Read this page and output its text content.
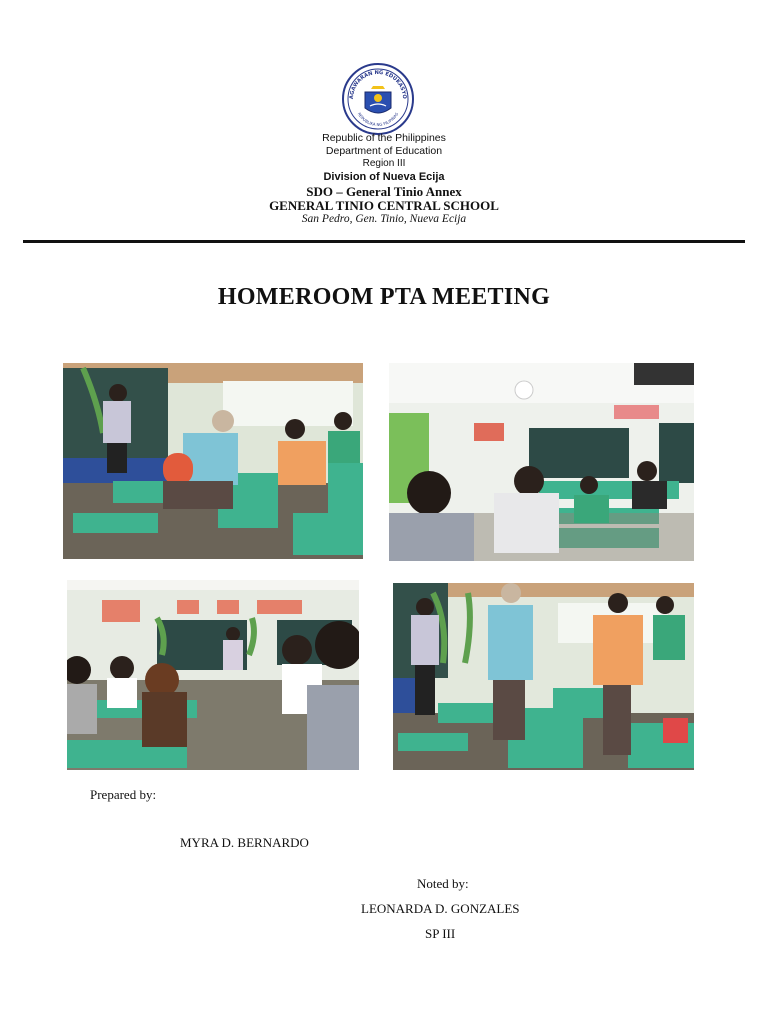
AGAWARAN NG EDUKASYO
REPUBLIKA NG PILIPINAS
Republic of the Philippines
Department of Education
Region III
Division of Nueva Ecija
SDO – General Tinio Annex
GENERAL TINIO CENTRAL SCHOOL
San Pedro, Gen. Tinio, Nueva Ecija
HOMEROOM PTA MEETING
Prepared by:
MYRA D. BERNARDO
Noted by:
LEONARDA D. GONZALES
SP III
